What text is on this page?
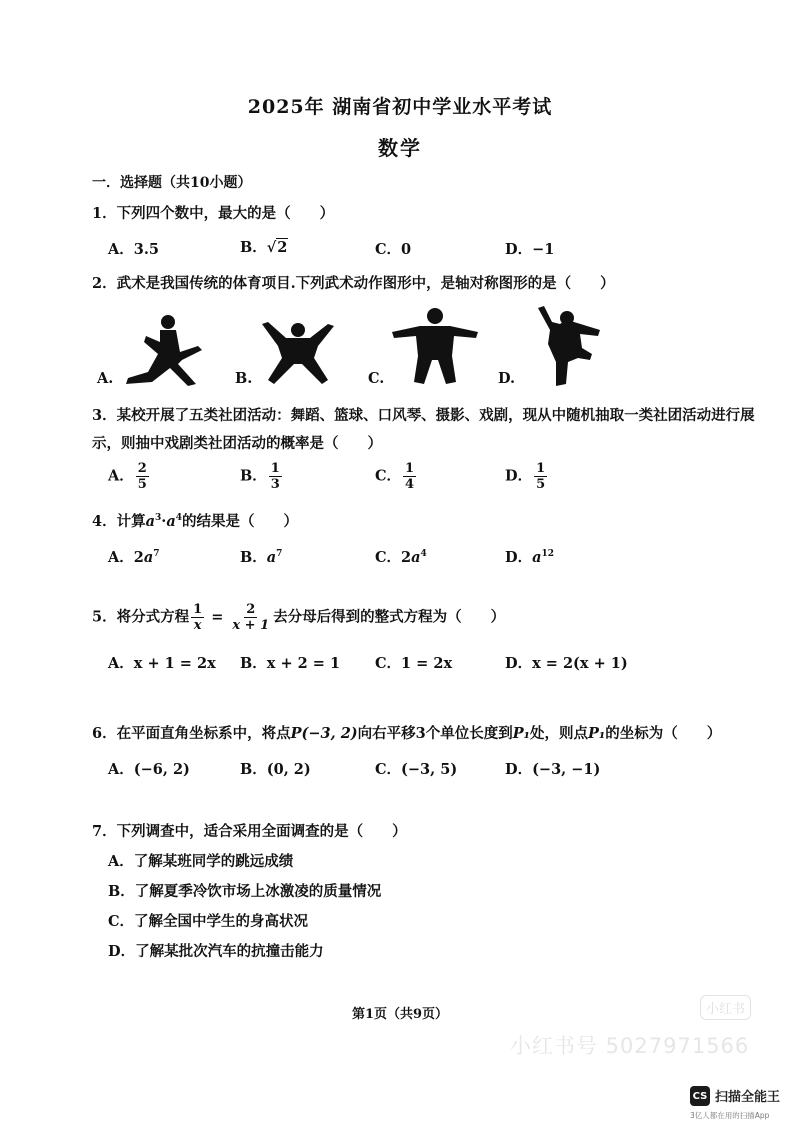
2025年 湖南省初中学业水平考试
数学
一．选择题（共10小题）
1．下列四个数中，最大的是（　　）
A．3.5	B．√2	C．0	D．−1
2．武术是我国传统的体育项目.下列武术动作图形中，是轴对称图形的是（　　）
A.	B.	C.	D.
3．某校开展了五类社团活动：舞蹈、篮球、口风琴、摄影、戏剧，现从中随机抽取一类社团活动进行展
示，则抽中戏剧类社团活动的概率是（　　）
A． $\frac{2}{5}$	B． $\frac{1}{3}$	C． $\frac{1}{4}$	D． $\frac{1}{5}$
4．计算$a^3\cdot a^4$的结果是（　　）
A．$2a^7$	B．$a^7$	C．$2a^4$	D．$a^{12}$
5．将分式方程 $\frac{1}{x} = \frac{2}{x + 1}$ 去分母后得到的整式方程为（　　）
A．x + 1 = 2x B．x + 2 = 1 C．1 = 2x	D．x = 2(x + 1)
6．在平面直角坐标系中，将点P(−3, 2)向右平移3个单位长度到P₁处，则点P₁的坐标为（　　）
A．(−6, 2)	B．(0, 2)	C．(−3, 5)	D．(−3, −1)
7．下列调查中，适合采用全面调查的是（　　）
A．了解某班同学的跳远成绩
B．了解夏季冷饮市场上冰激凌的质量情况
C．了解全国中学生的身高状况
D．了解某批次汽车的抗撞击能力
第1页（共9页）	小红书
小红书号 5027971566
CS 扫描全能王
3亿人都在用的扫描App
